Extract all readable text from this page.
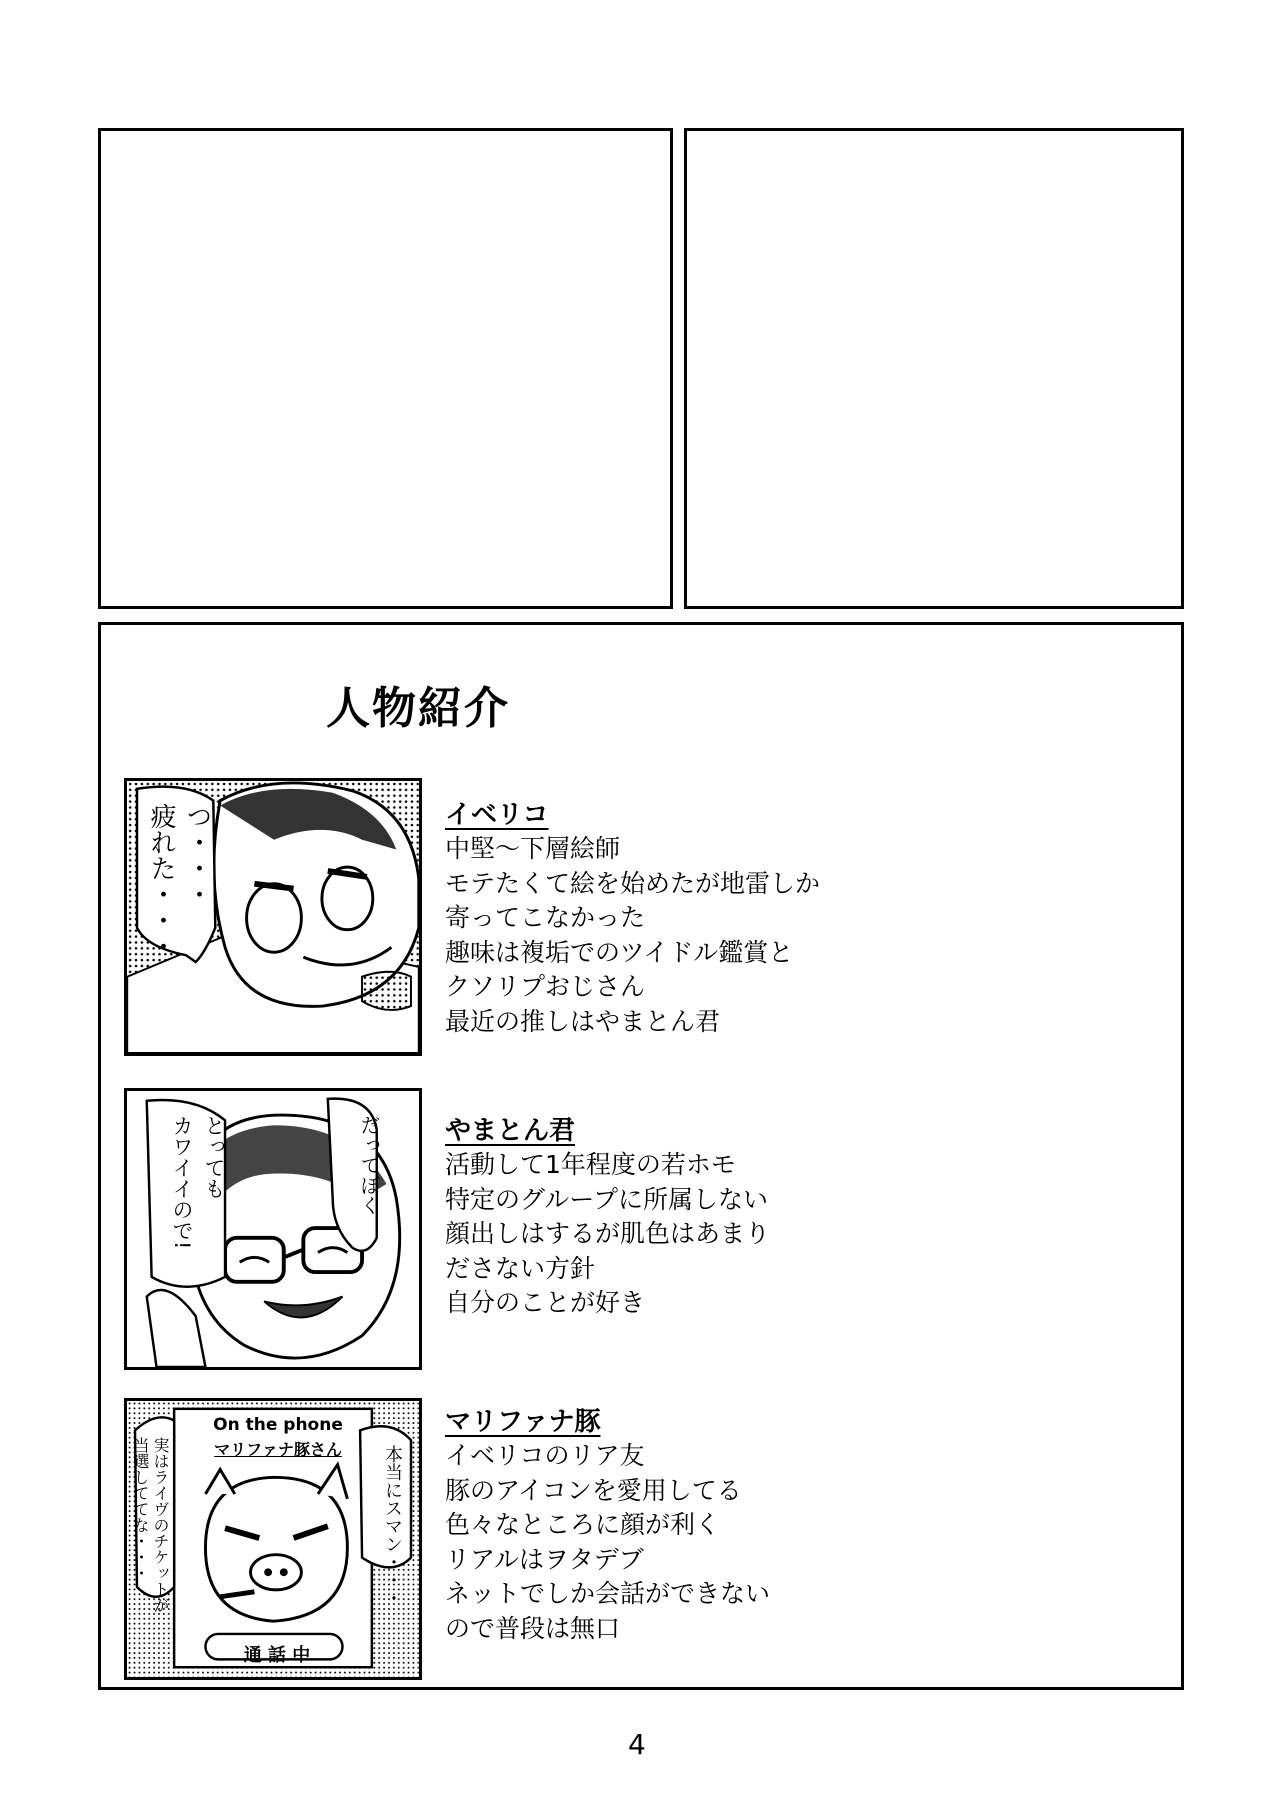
人物紹介
つ・・・
疲れた・・・	イベリコ
中堅～下層絵師
モテたくて絵を始めたが地雷しか
寄ってこなかった
趣味は複垢でのツイドル鑑賞と
クソリプおじさん
最近の推しはやまとん君
だってぼく
とっても
カワイイので!	やまとん君
活動して1年程度の若ホモ
特定のグループに所属しない
顔出しはするが肌色はあまり
ださない方針
自分のことが好き
On the phone
マリファナ豚さん	本当にスマン・・・
実はライヴのチケットが
当選しててな・・・
通 話 中
マリファナ豚
イベリコのリア友
豚のアイコンを愛用してる
色々なところに顔が利く
リアルはヲタデブ
ネットでしか会話ができない
ので普段は無口
4
